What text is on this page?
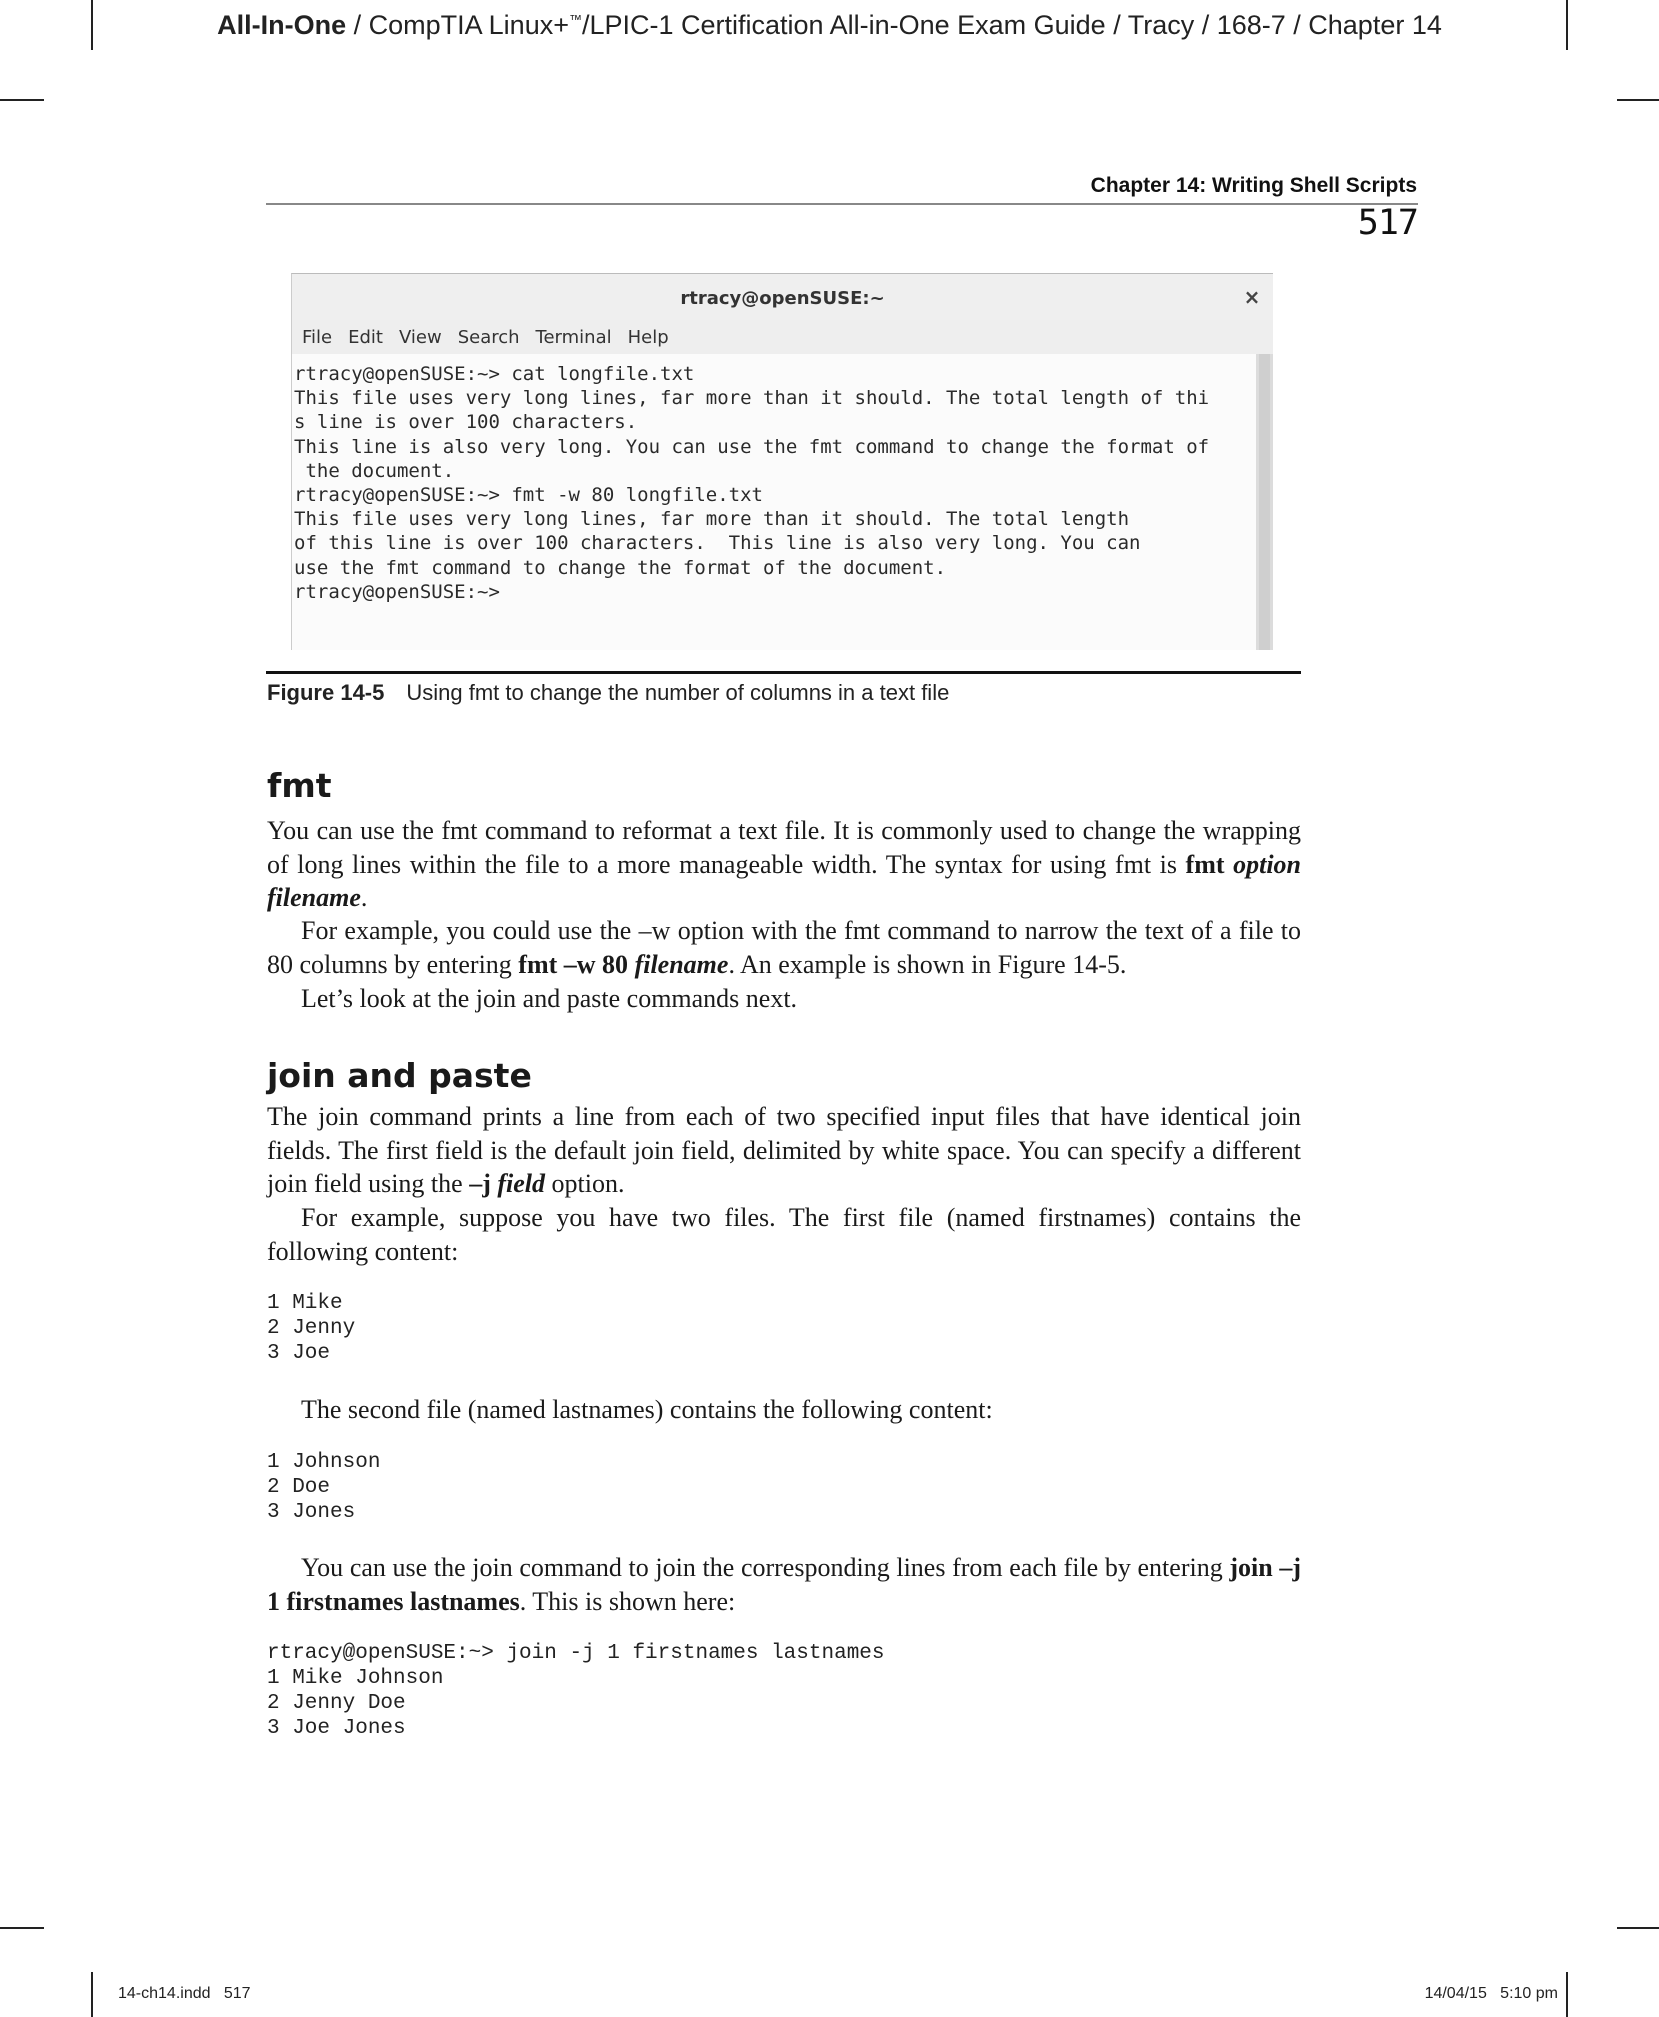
All-In-One / CompTIA Linux+™/LPIC-1 Certification All-in-One Exam Guide / Tracy / 168-7 / Chapter 14
Chapter 14: Writing Shell Scripts
517
rtracy@openSUSE:~	×
File Edit View Search Terminal Help
rtracy@openSUSE:~> cat longfile.txt
This file uses very long lines, far more than it should. The total length of thi
s line is over 100 characters.
This line is also very long. You can use the fmt command to change the format of
the document.
rtracy@openSUSE:~> fmt -w 80 longfile.txt
This file uses very long lines, far more than it should. The total length
of this line is over 100 characters.  This line is also very long. You can
use the fmt command to change the format of the document.
rtracy@openSUSE:~>
Figure 14-5 Using fmt to change the number of columns in a text file
fmt
You can use the fmt command to reformat a text file. It is commonly used to change the wrapping of long lines within the file to a more manageable width. The syntax for using fmt is fmt option filename.
For example, you could use the –w option with the fmt command to narrow the text of a file to 80 columns by entering fmt –w 80 filename. An example is shown in Figure 14-5.
Let’s look at the join and paste commands next.
join and paste
The join command prints a line from each of two specified input files that have identical join fields. The first field is the default join field, delimited by white space. You can specify a different join field using the –j field option.
For example, suppose you have two files. The first file (named firstnames) contains the following content:
1 Mike
2 Jenny
3 Joe
The second file (named lastnames) contains the following content:
1 Johnson
2 Doe
3 Jones
You can use the join command to join the corresponding lines from each file by entering join –j 1 firstnames lastnames. This is shown here:
rtracy@openSUSE:~> join -j 1 firstnames lastnames
1 Mike Johnson
2 Jenny Doe
3 Joe Jones
14-ch14.indd   517	14/04/15   5:10 pm
